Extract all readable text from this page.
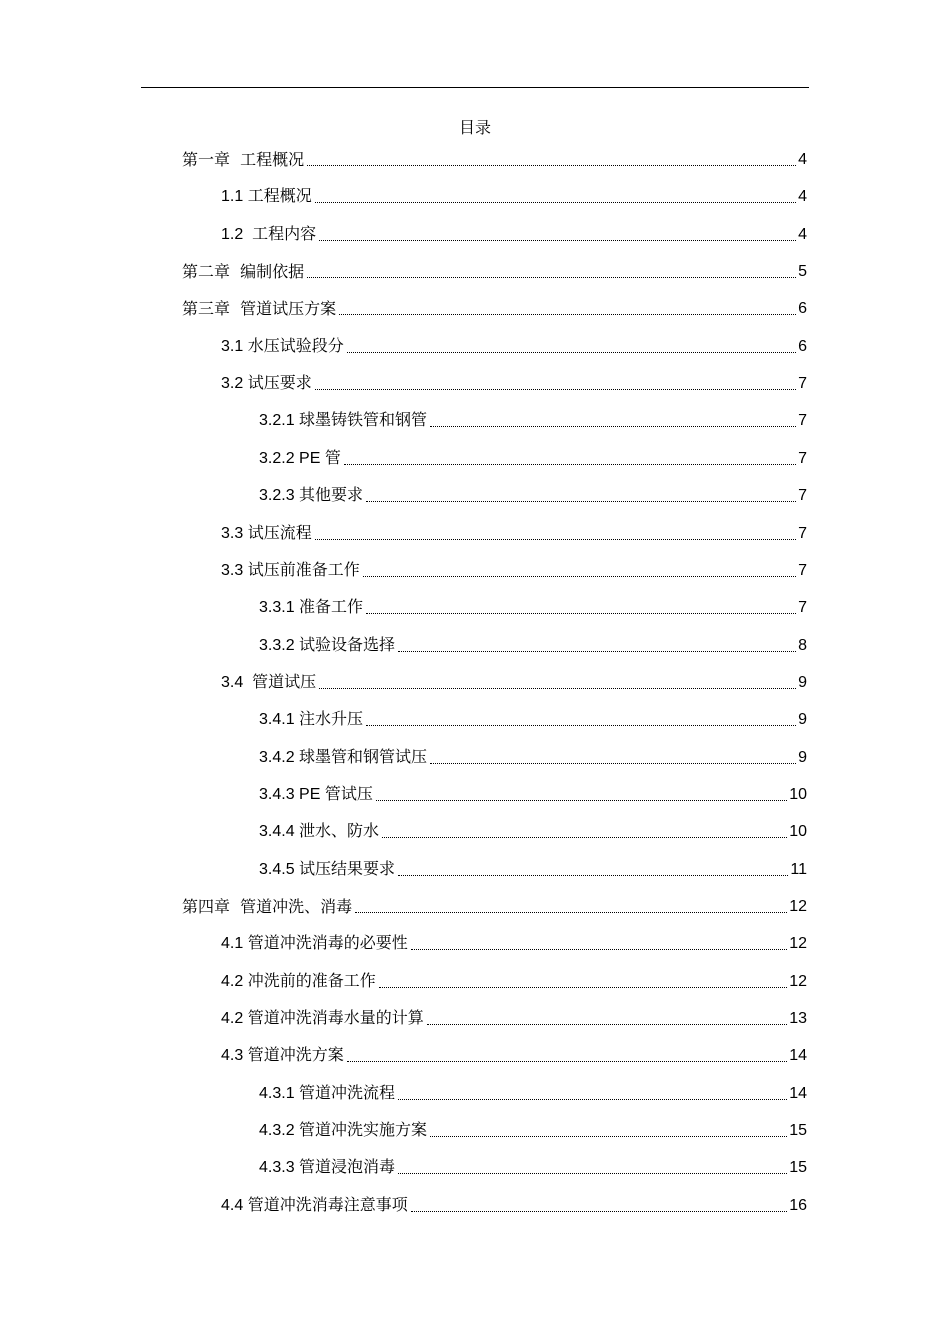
目录
第一章  工程概况	4
1.1 工程概况	4
1.2  工程内容	4
第二章  编制依据	5
第三章  管道试压方案	6
3.1 水压试验段分	6
3.2 试压要求	7
3.2.1 球墨铸铁管和钢管	7
3.2.2 PE 管	7
3.2.3 其他要求	7
3.3 试压流程	7
3.3 试压前准备工作	7
3.3.1 准备工作	7
3.3.2 试验设备选择	8
3.4  管道试压	9
3.4.1 注水升压	9
3.4.2 球墨管和钢管试压	9
3.4.3 PE 管试压	10
3.4.4 泄水、防水	10
3.4.5 试压结果要求	11
第四章  管道冲洗、消毒	12
4.1 管道冲洗消毒的必要性	12
4.2 冲洗前的准备工作	12
4.2 管道冲洗消毒水量的计算	13
4.3 管道冲洗方案	14
4.3.1 管道冲洗流程	14
4.3.2 管道冲洗实施方案	15
4.3.3 管道浸泡消毒	15
4.4 管道冲洗消毒注意事项	16
